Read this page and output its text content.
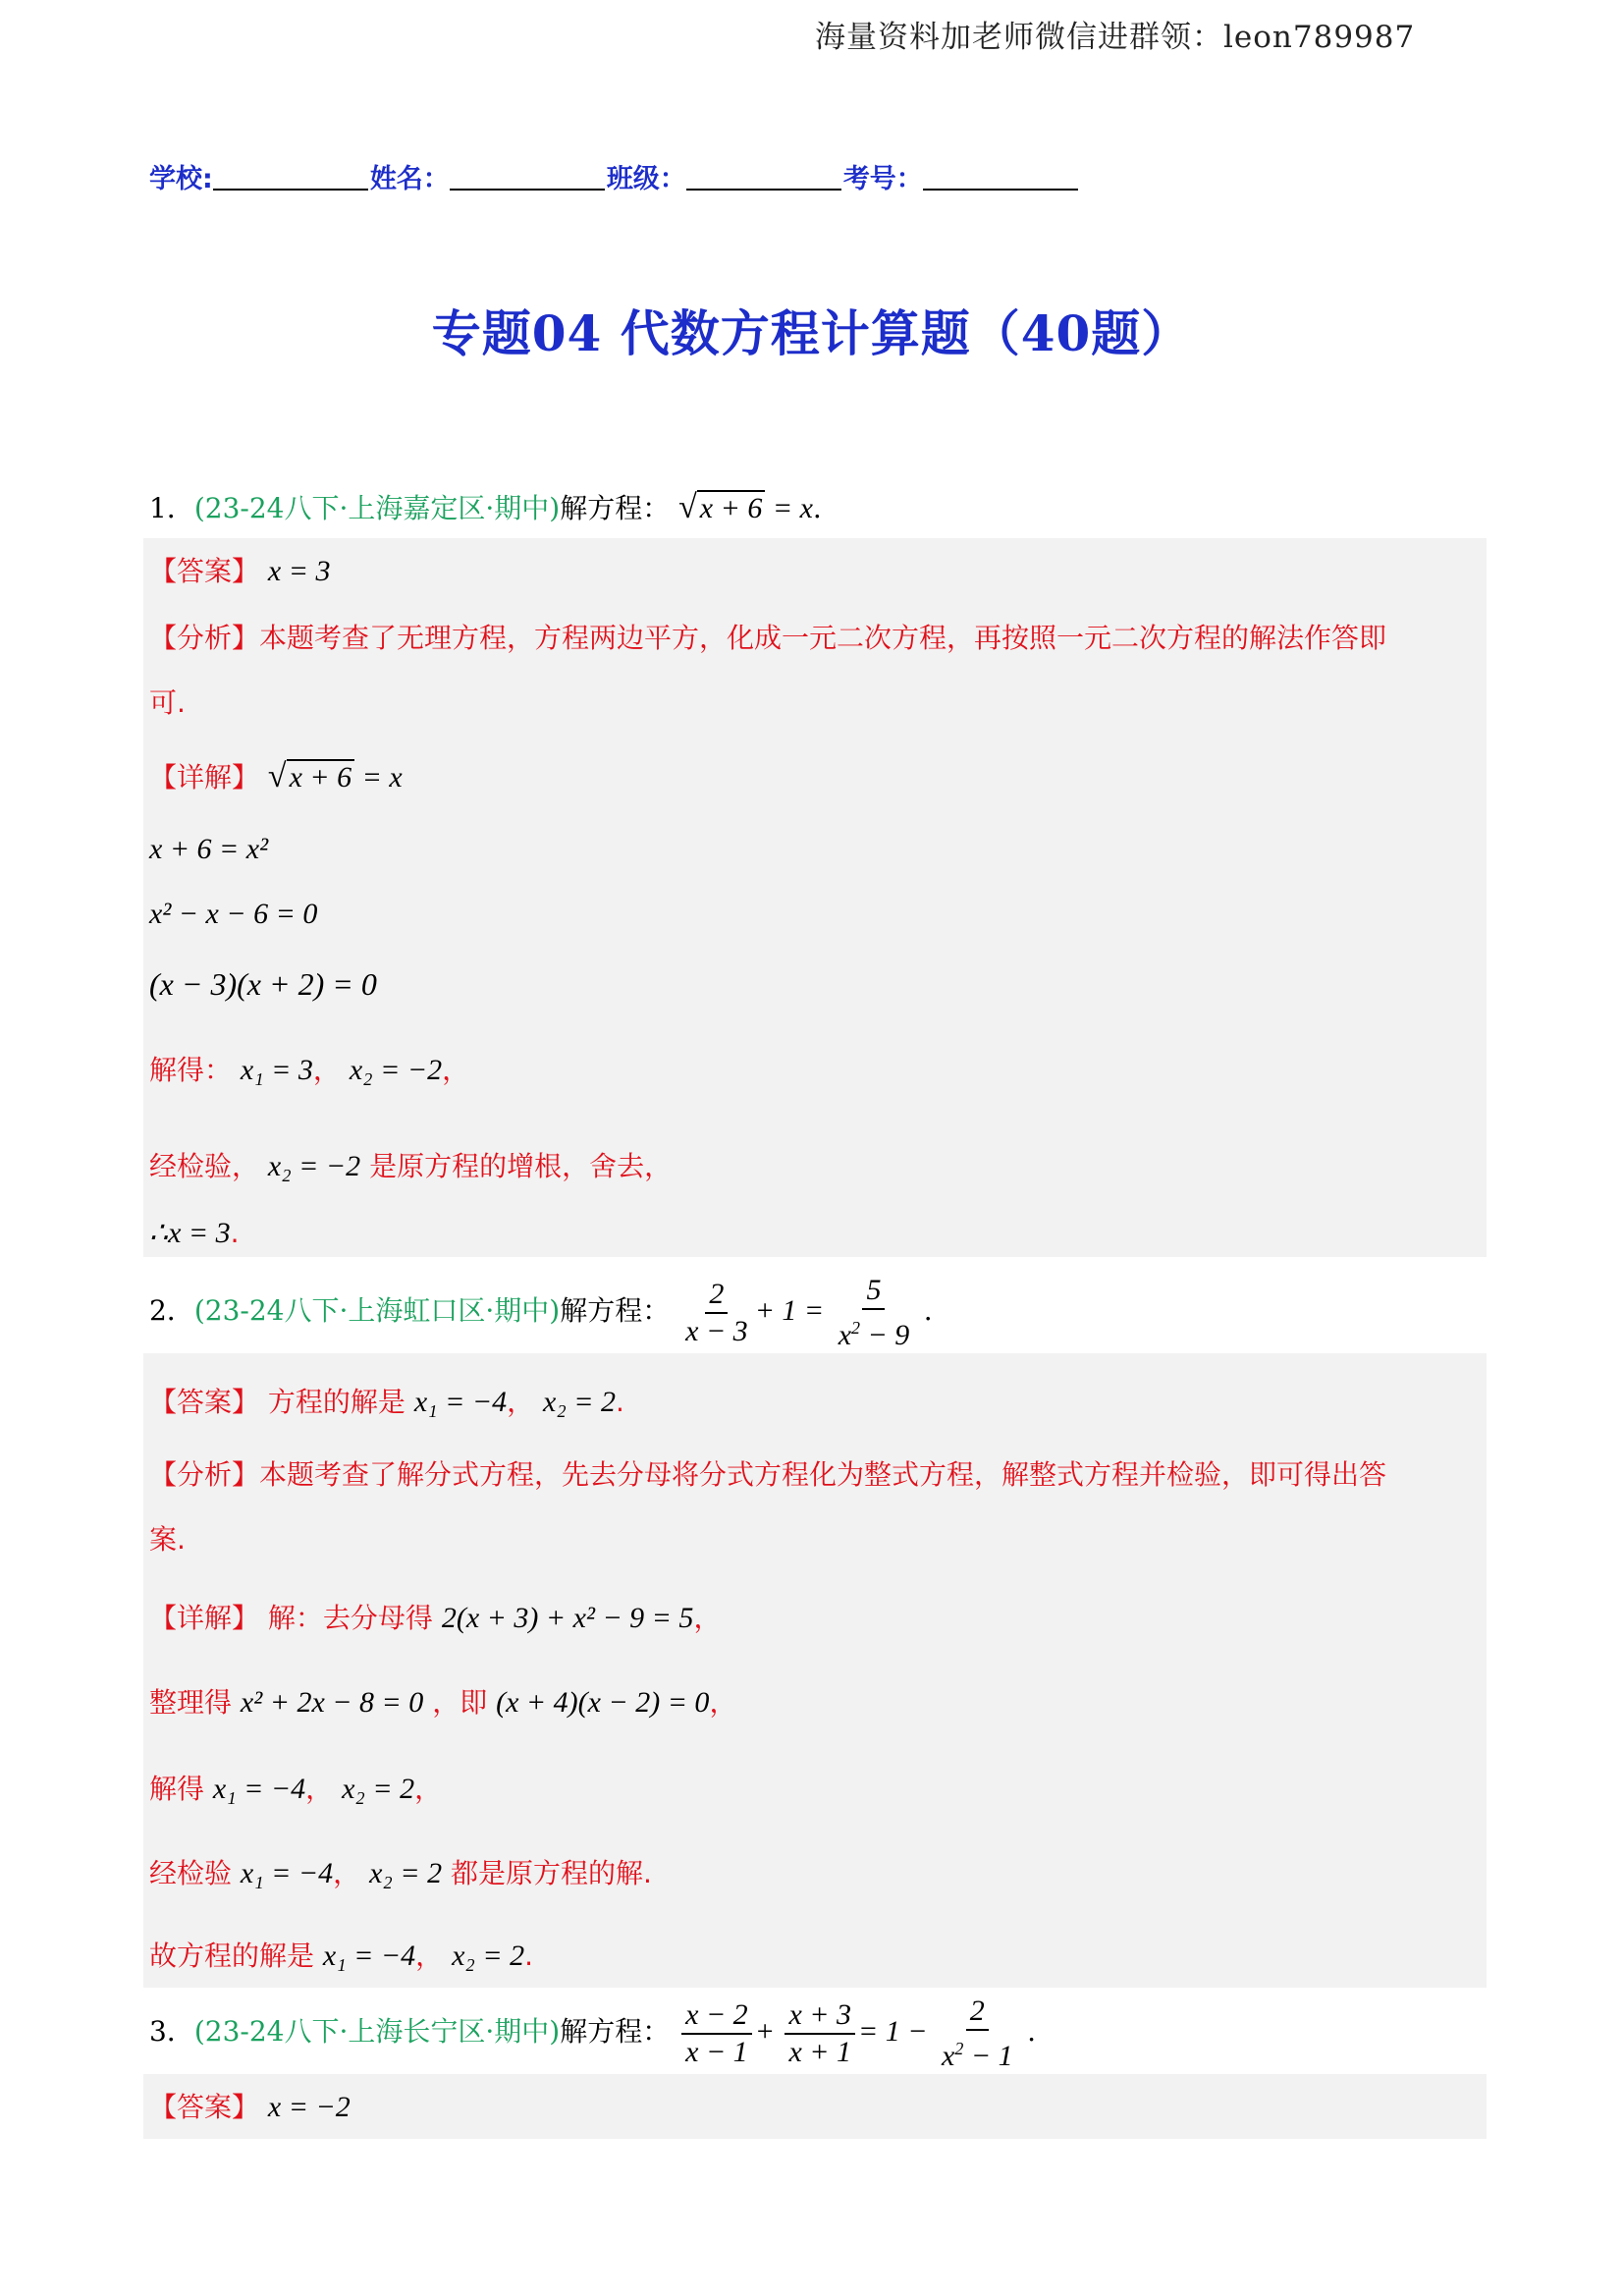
海量资料加老师微信进群领：leon789987
学校:	姓名：	班级：	考号：
专题04 代数方程计算题（40题）
1．(23-24八下·上海嘉定区·期中)解方程： √ x + 6 = x.
【答案】 x = 3
【分析】本题考查了无理方程，方程两边平方，化成一元二次方程，再按照一元二次方程的解法作答即
可.
【详解】 √ x + 6 = x
x + 6 = x²
x² − x − 6 = 0
(x − 3)(x + 2) = 0
解得： x₁ = 3， x₂ = −2，
经检验， x₂ = −2 是原方程的增根，舍去，
∴x = 3.
2．(23-24八下·上海虹口区·期中)解方程： $\frac{2}{x - 3} + 1 = \frac{5}{x^2 - 9}$ .
【答案】 方程的解是 x₁ = −4， x₂ = 2.
【分析】本题考查了解分式方程，先去分母将分式方程化为整式方程，解整式方程并检验，即可得出答
案.
【详解】 解：去分母得 2(x + 3) + x² − 9 = 5，
整理得 x² + 2x − 8 = 0 ，即 (x + 4)(x − 2) = 0，
解得 x₁ = −4， x₂ = 2，
经检验 x₁ = −4， x₂ = 2 都是原方程的解.
故方程的解是 x₁ = −4， x₂ = 2.
3．(23-24八下·上海长宁区·期中)解方程： $\frac{x - 2}{x - 1} + \frac{x + 3}{x + 1} = 1 - \frac{2}{x^2 - 1}$ .
【答案】 x = −2
